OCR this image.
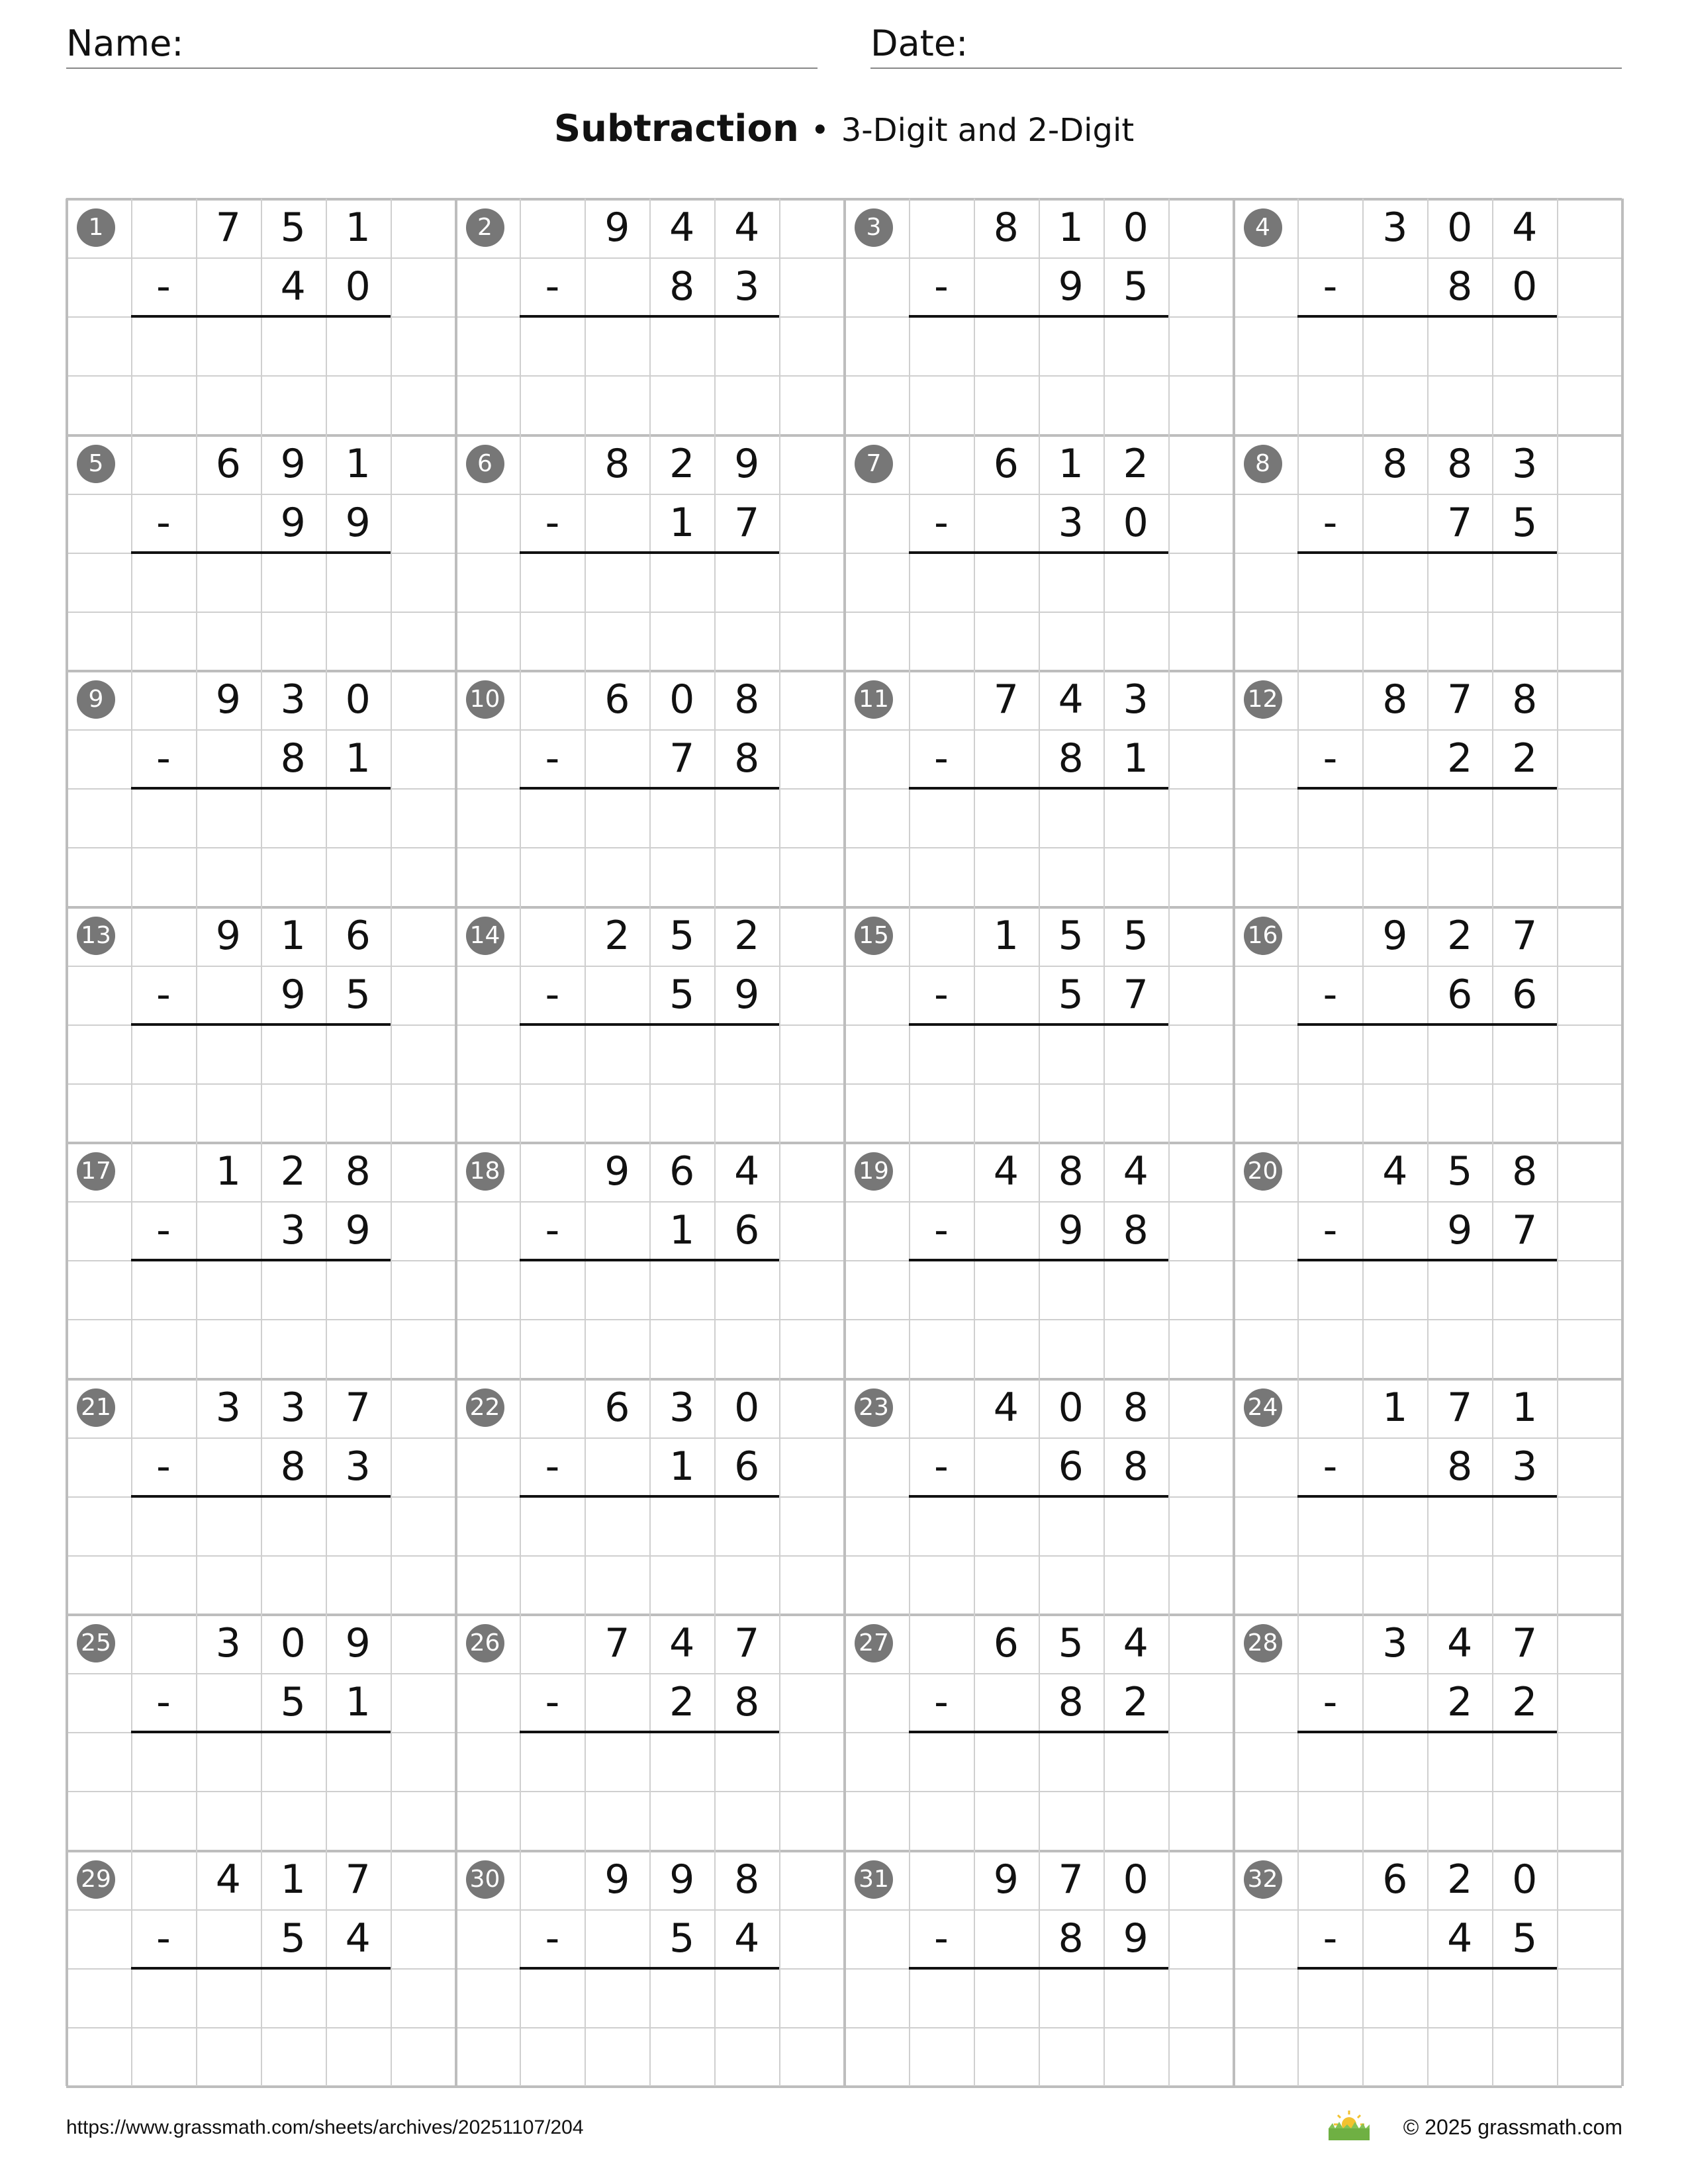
Name:	Date:
Subtraction • 3-Digit and 2-Digit
1	7 5 1
-	4 0
2	9 4 4
-	8 3
3	8 1 0
-	9 5
4	3 0 4
-	8 0
5	6 9 1
-	9 9
6	8 2 9
-	1 7
7	6 1 2
-	3 0
8	8 8 3
-	7 5
9	9 3 0
-	8 1
10	6 0 8
-	7 8
11	7 4 3
-	8 1
12	8 7 8
-	2 2
13	9 1 6
-	9 5
14	2 5 2
-	5 9
15	1 5 5
-	5 7
16	9 2 7
-	6 6
17	1 2 8
-	3 9
18	9 6 4
-	1 6
19	4 8 4
-	9 8
20	4 5 8
-	9 7
21	3 3 7
-	8 3
22	6 3 0
-	1 6
23	4 0 8
-	6 8
24	1 7 1
-	8 3
25	3 0 9
-	5 1
26	7 4 7
-	2 8
27	6 5 4
-	8 2
28	3 4 7
-	2 2
29	4 1 7
-	5 4
30	9 9 8
-	5 4
31	9 7 0
-	8 9
32	6 2 0
-	4 5
https://www.grassmath.com/sheets/archives/20251107/204	© 2025 grassmath.com
